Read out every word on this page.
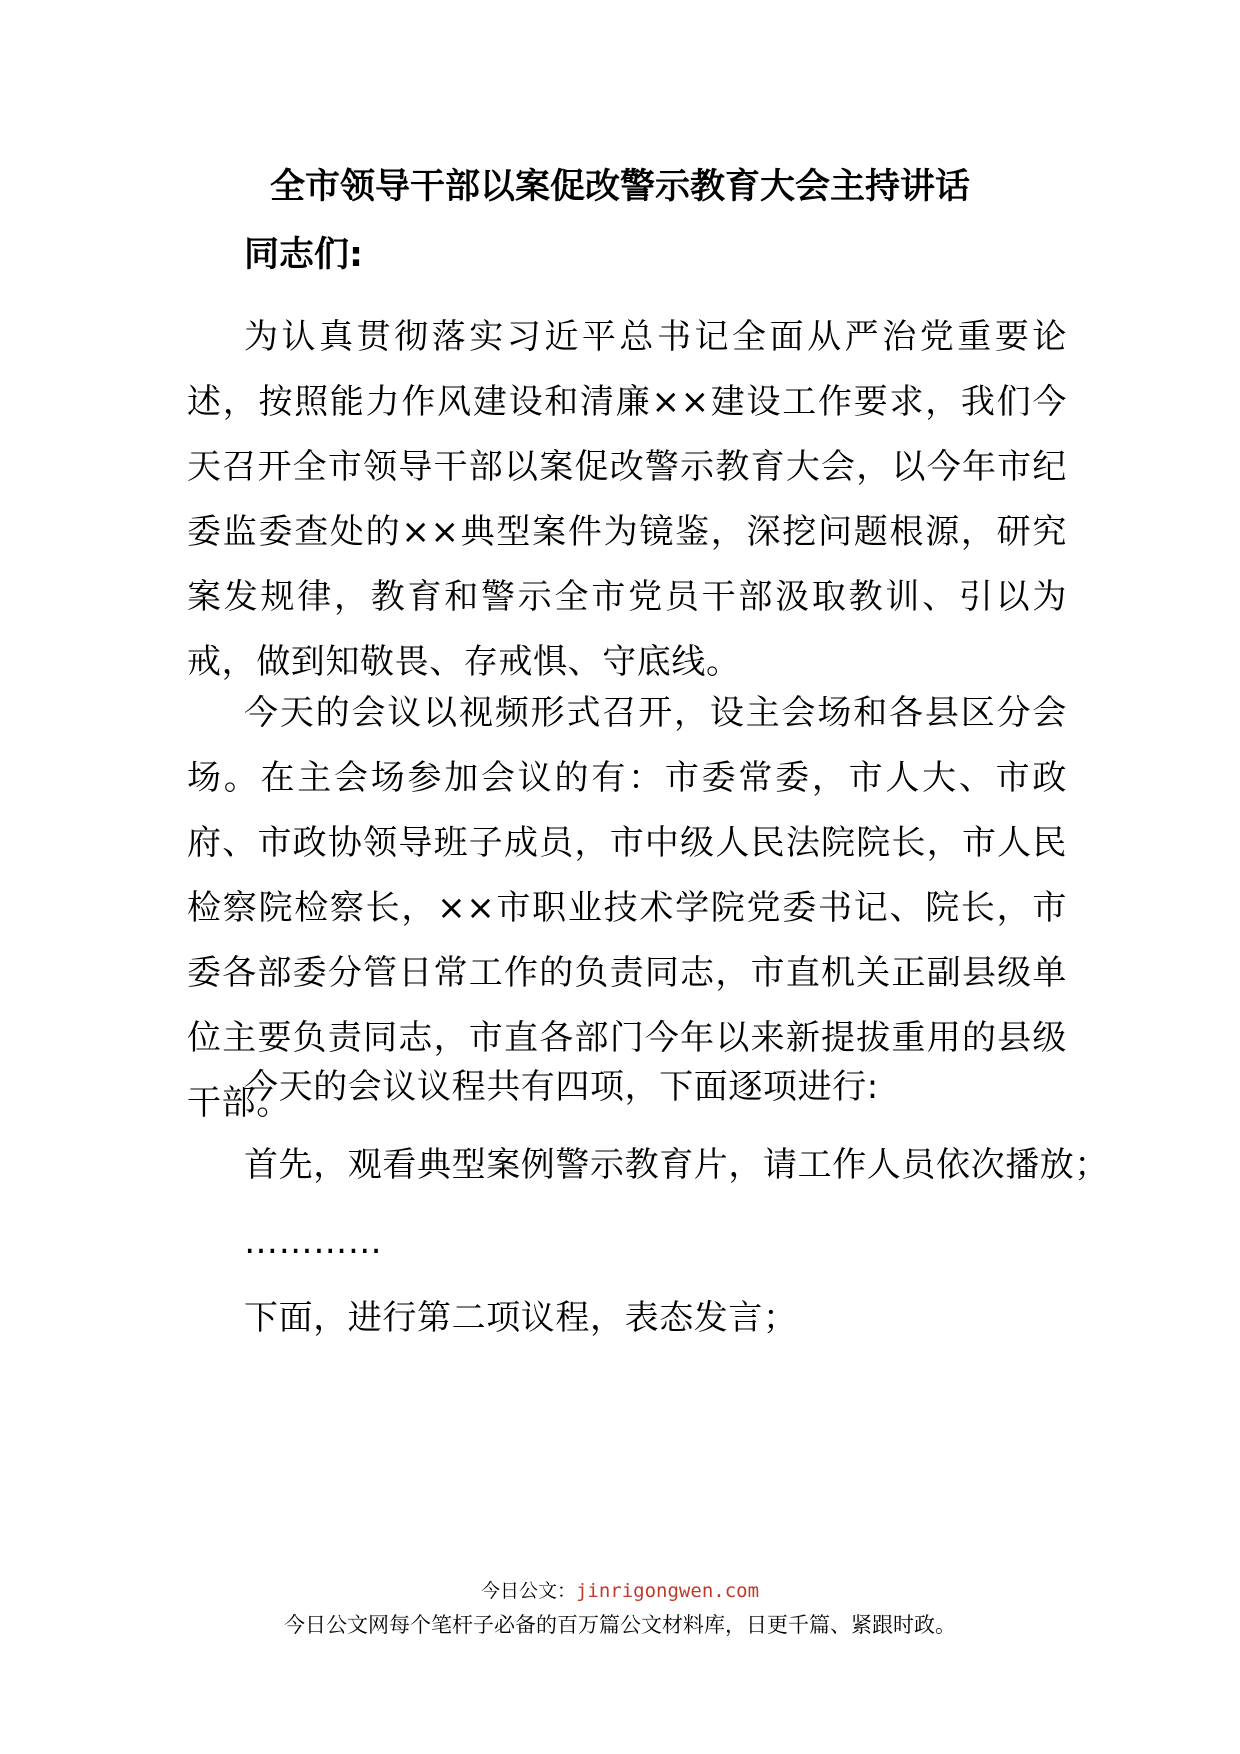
全市领导干部以案促改警示教育大会主持讲话
同志们:

为认真贯彻落实习近平总书记全面从严治党重要论述，按照能力作风建设和清廉××建设工作要求，我们今天召开全市领导干部以案促改警示教育大会，以今年市纪委监委查处的××典型案件为镜鉴，深挖问题根源，研究案发规律，教育和警示全市党员干部汲取教训、引以为戒，做到知敬畏、存戒惧、守底线。

今天的会议以视频形式召开，设主会场和各县区分会场。在主会场参加会议的有：市委常委，市人大、市政府、市政协领导班子成员，市中级人民法院院长，市人民检察院检察长，××市职业技术学院党委书记、院长，市委各部委分管日常工作的负责同志，市直机关正副县级单位主要负责同志，市直各部门今年以来新提拔重用的县级干部。

今天的会议议程共有四项，下面逐项进行:
首先，观看典型案例警示教育片，请工作人员依次播放；
…………
下面，进行第二项议程，表态发言；
今日公文：jinrigongwen.com
今日公文网每个笔杆子必备的百万篇公文材料库，日更千篇、紧跟时政。
